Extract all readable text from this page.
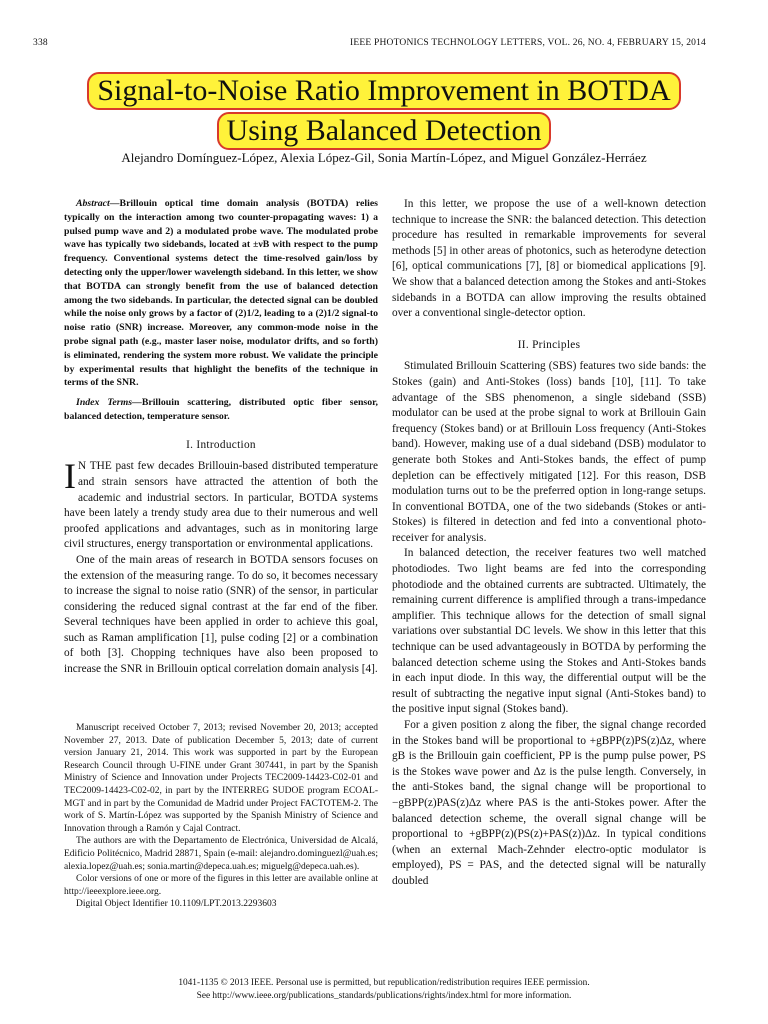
338	IEEE PHOTONICS TECHNOLOGY LETTERS, VOL. 26, NO. 4, FEBRUARY 15, 2014
Signal-to-Noise Ratio Improvement in BOTDA
Using Balanced Detection
Alejandro Domínguez-López, Alexia López-Gil, Sonia Martín-López, and Miguel González-Herráez

Abstract—Brillouin optical time domain analysis (BOTDA) relies typically on the interaction among two counter-propagating waves: 1) a pulsed pump wave and 2) a modulated probe wave. The modulated probe wave has typically two sidebands, located at ±νB with respect to the pump frequency. Conventional systems detect the time-resolved gain/loss by detecting only the upper/lower wavelength sideband. In this letter, we show that BOTDA can strongly benefit from the use of balanced detection among the two sidebands. In particular, the detected signal can be doubled while the noise only grows by a factor of (2)1/2, leading to a (2)1/2 signal-to noise ratio (SNR) increase. Moreover, any common-mode noise in the probe signal path (e.g., master laser noise, modulator drifts, and so forth) is eliminated, rendering the system more robust. We validate the principle by experimental results that highlight the benefits of the technique in terms of the SNR.

Index Terms—Brillouin scattering, distributed optic fiber sensor, balanced detection, temperature sensor.

I. Introduction

I N THE past few decades Brillouin-based distributed temperature and strain sensors have attracted the attention of both the academic and industrial sectors. In particular, BOTDA systems have been lately a trendy study area due to their numerous and well proofed applications and advantages, such as in monitoring large civil structures, energy transportation or environmental applications.

One of the main areas of research in BOTDA sensors focuses on the extension of the measuring range. To do so, it becomes necessary to increase the signal to noise ratio (SNR) of the sensor, in particular considering the reduced signal contrast at the far end of the fiber. Several techniques have been applied in order to achieve this goal, such as Raman amplification [1], pulse coding [2] or a combination of both [3]. Chopping techniques have also been proposed to increase the SNR in Brillouin optical correlation domain analysis [4].

Manuscript received October 7, 2013; revised November 20, 2013; accepted November 27, 2013. Date of publication December 5, 2013; date of current version January 21, 2014. This work was supported in part by the European Research Council through U-FINE under Grant 307441, in part by the Spanish Ministry of Science and Innovation under Projects TEC2009-14423-C02-01 and TEC2009-14423-C02-02, in part by the INTERREG SUDOE program ECOAL-MGT and in part by the Comunidad de Madrid under Project FACTOTEM-2. The work of S. Martín-López was supported by the Spanish Ministry of Science and Innovation through a Ramón y Cajal Contract.

The authors are with the Departamento de Electrónica, Universidad de Alcalá, Edificio Politécnico, Madrid 28871, Spain (e-mail: alejandro.dominguezl@uah.es; alexia.lopez@uah.es; sonia.martin@depeca.uah.es; miguelg@depeca.uah.es).

Color versions of one or more of the figures in this letter are available online at http://ieeexplore.ieee.org.

Digital Object Identifier 10.1109/LPT.2013.2293603

In this letter, we propose the use of a well-known detection technique to increase the SNR: the balanced detection. This detection procedure has resulted in remarkable improvements for several methods [5] in other areas of photonics, such as heterodyne detection [6], optical communications [7], [8] or biomedical applications [9]. We show that a balanced detection among the Stokes and anti-Stokes sidebands in a BOTDA can allow improving the results obtained over a conventional single-detector option.

II. Principles

Stimulated Brillouin Scattering (SBS) features two side bands: the Stokes (gain) and Anti-Stokes (loss) bands [10], [11]. To take advantage of the SBS phenomenon, a single sideband (SSB) modulator can be used at the probe signal to work at Brillouin Gain frequency (Stokes band) or at Brillouin Loss frequency (Anti-Stokes band). However, making use of a dual sideband (DSB) modulator to generate both Stokes and Anti-Stokes bands, the effect of pump depletion can be effectively mitigated [12]. For this reason, DSB modulation turns out to be the preferred option in long-range setups. In conventional BOTDA, one of the two sidebands (Stokes or anti-Stokes) is filtered in detection and fed into a conventional photo-receiver for analysis.

In balanced detection, the receiver features two well matched photodiodes. Two light beams are fed into the corresponding photodiode and the obtained currents are subtracted. Ultimately, the remaining current difference is amplified through a trans-impedance amplifier. This technique allows for the detection of small signal variations over substantial DC levels. We show in this letter that this technique can be used advantageously in BOTDA by performing the balanced detection scheme using the Stokes and Anti-Stokes bands in each input diode. In this way, the differential output will be the result of subtracting the negative input signal (Anti-Stokes band) to the positive input signal (Stokes band).

For a given position z along the fiber, the signal change recorded in the Stokes band will be proportional to +gBPP(z)PS(z)Δz, where gB is the Brillouin gain coefficient, PP is the pump pulse power, PS is the Stokes wave power and Δz is the pulse length. Conversely, in the anti-Stokes band, the signal change will be proportional to −gBPP(z)PAS(z)Δz where PAS is the anti-Stokes power. After the balanced detection scheme, the overall signal change will be proportional to +gBPP(z)(PS(z)+PAS(z))Δz. In typical conditions (when an external Mach-Zehnder electro-optic modulator is employed), PS = PAS, and the detected signal will be naturally doubled

1041-1135 © 2013 IEEE. Personal use is permitted, but republication/redistribution requires IEEE permission.
See http://www.ieee.org/publications_standards/publications/rights/index.html for more information.
